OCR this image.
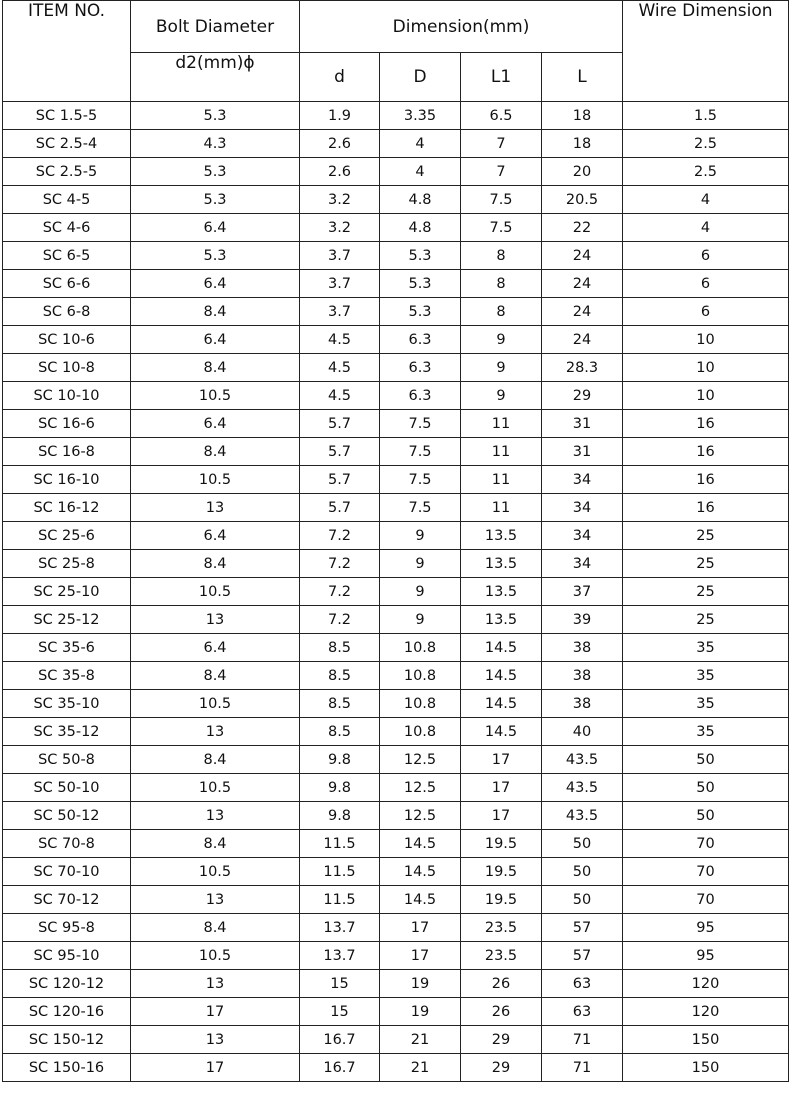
ITEM NO.	Bolt Diameter	Dimension(mm)				Wire Dimension
	d2(mm)ϕ	d	D	L1	L	
SC 1.5-5	5.3	1.9	3.35	6.5	18	1.5
SC 2.5-4	4.3	2.6	4	7	18	2.5
SC 2.5-5	5.3	2.6	4	7	20	2.5
SC 4-5	5.3	3.2	4.8	7.5	20.5	4
SC 4-6	6.4	3.2	4.8	7.5	22	4
SC 6-5	5.3	3.7	5.3	8	24	6
SC 6-6	6.4	3.7	5.3	8	24	6
SC 6-8	8.4	3.7	5.3	8	24	6
SC 10-6	6.4	4.5	6.3	9	24	10
SC 10-8	8.4	4.5	6.3	9	28.3	10
SC 10-10	10.5	4.5	6.3	9	29	10
SC 16-6	6.4	5.7	7.5	11	31	16
SC 16-8	8.4	5.7	7.5	11	31	16
SC 16-10	10.5	5.7	7.5	11	34	16
SC 16-12	13	5.7	7.5	11	34	16
SC 25-6	6.4	7.2	9	13.5	34	25
SC 25-8	8.4	7.2	9	13.5	34	25
SC 25-10	10.5	7.2	9	13.5	37	25
SC 25-12	13	7.2	9	13.5	39	25
SC 35-6	6.4	8.5	10.8	14.5	38	35
SC 35-8	8.4	8.5	10.8	14.5	38	35
SC 35-10	10.5	8.5	10.8	14.5	38	35
SC 35-12	13	8.5	10.8	14.5	40	35
SC 50-8	8.4	9.8	12.5	17	43.5	50
SC 50-10	10.5	9.8	12.5	17	43.5	50
SC 50-12	13	9.8	12.5	17	43.5	50
SC 70-8	8.4	11.5	14.5	19.5	50	70
SC 70-10	10.5	11.5	14.5	19.5	50	70
SC 70-12	13	11.5	14.5	19.5	50	70
SC 95-8	8.4	13.7	17	23.5	57	95
SC 95-10	10.5	13.7	17	23.5	57	95
SC 120-12	13	15	19	26	63	120
SC 120-16	17	15	19	26	63	120
SC 150-12	13	16.7	21	29	71	150
SC 150-16	17	16.7	21	29	71	150
